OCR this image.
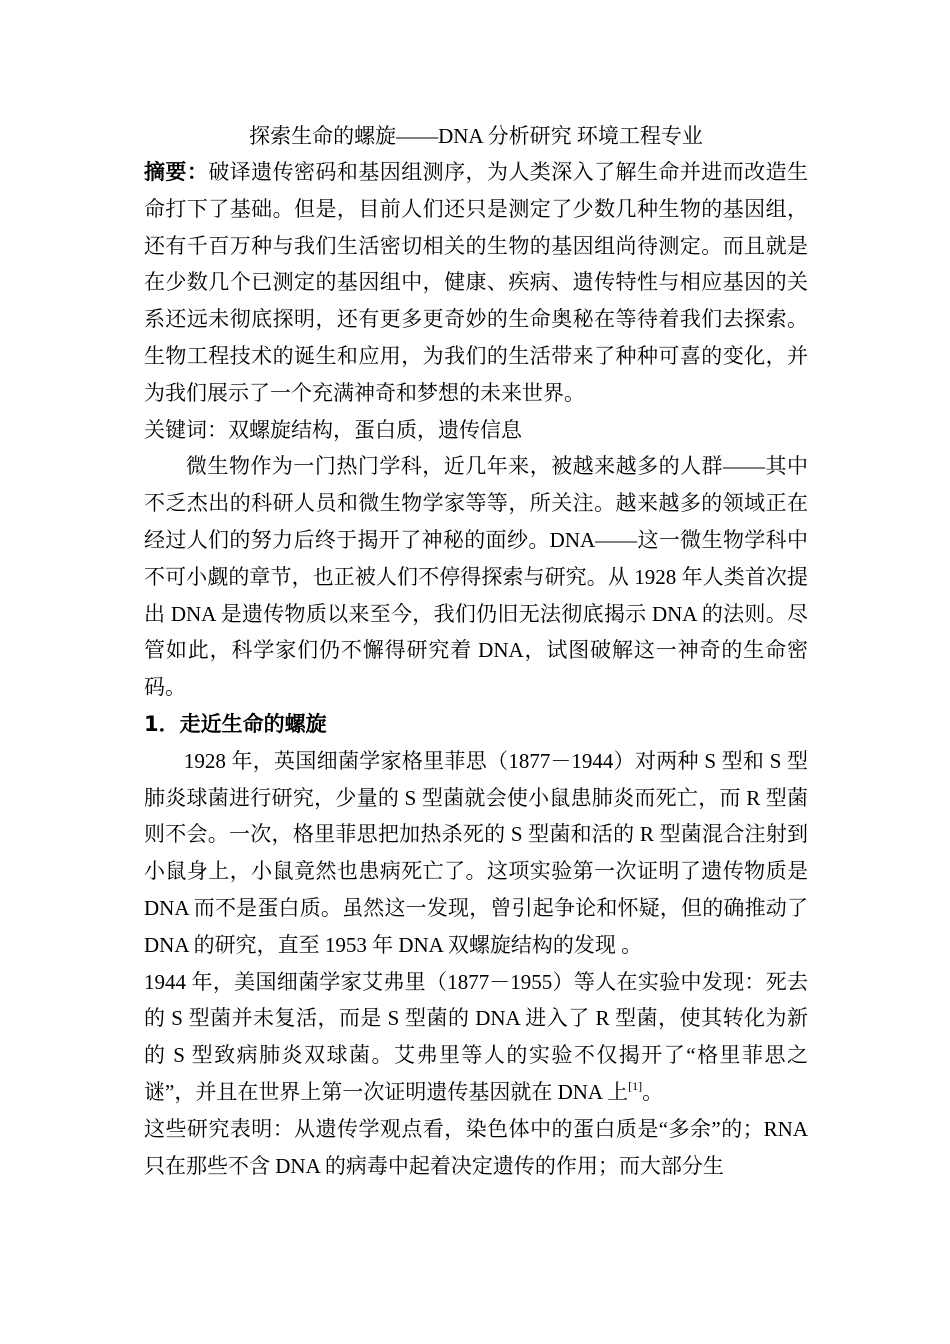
探索生命的螺旋——DNA 分析研究 环境工程专业

摘要：破译遗传密码和基因组测序，为人类深入了解生命并进而改造生命打下了基础。但是，目前人们还只是测定了少数几种生物的基因组，还有千百万种与我们生活密切相关的生物的基因组尚待测定。而且就是在少数几个已测定的基因组中，健康、疾病、遗传特性与相应基因的关系还远未彻底探明，还有更多更奇妙的生命奥秘在等待着我们去探索。生物工程技术的诞生和应用，为我们的生活带来了种种可喜的变化，并为我们展示了一个充满神奇和梦想的未来世界。

关键词：双螺旋结构，蛋白质，遗传信息

微生物作为一门热门学科，近几年来，被越来越多的人群——其中不乏杰出的科研人员和微生物学家等等，所关注。越来越多的领域正在经过人们的努力后终于揭开了神秘的面纱。DNA——这一微生物学科中不可小觑的章节，也正被人们不停得探索与研究。从 1928 年人类首次提出 DNA 是遗传物质以来至今，我们仍旧无法彻底揭示 DNA 的法则。尽管如此，科学家们仍不懈得研究着 DNA，试图破解这一神奇的生命密码。

1．走近生命的螺旋

1928 年，英国细菌学家格里菲思（1877－1944）对两种 S 型和 S 型肺炎球菌进行研究，少量的 S 型菌就会使小鼠患肺炎而死亡，而 R 型菌则不会。一次，格里菲思把加热杀死的 S 型菌和活的 R 型菌混合注射到小鼠身上，小鼠竟然也患病死亡了。这项实验第一次证明了遗传物质是 DNA 而不是蛋白质。虽然这一发现，曾引起争论和怀疑，但的确推动了 DNA 的研究，直至 1953 年 DNA 双螺旋结构的发现 。

1944 年，美国细菌学家艾弗里（1877－1955）等人在实验中发现：死去的 S 型菌并未复活，而是 S 型菌的 DNA 进入了 R 型菌，使其转化为新的 S 型致病肺炎双球菌。艾弗里等人的实验不仅揭开了“格里菲思之谜”，并且在世界上第一次证明遗传基因就在 DNA 上[1]。

这些研究表明：从遗传学观点看，染色体中的蛋白质是“多余”的；RNA 只在那些不含 DNA 的病毒中起着决定遗传的作用；而大部分生
